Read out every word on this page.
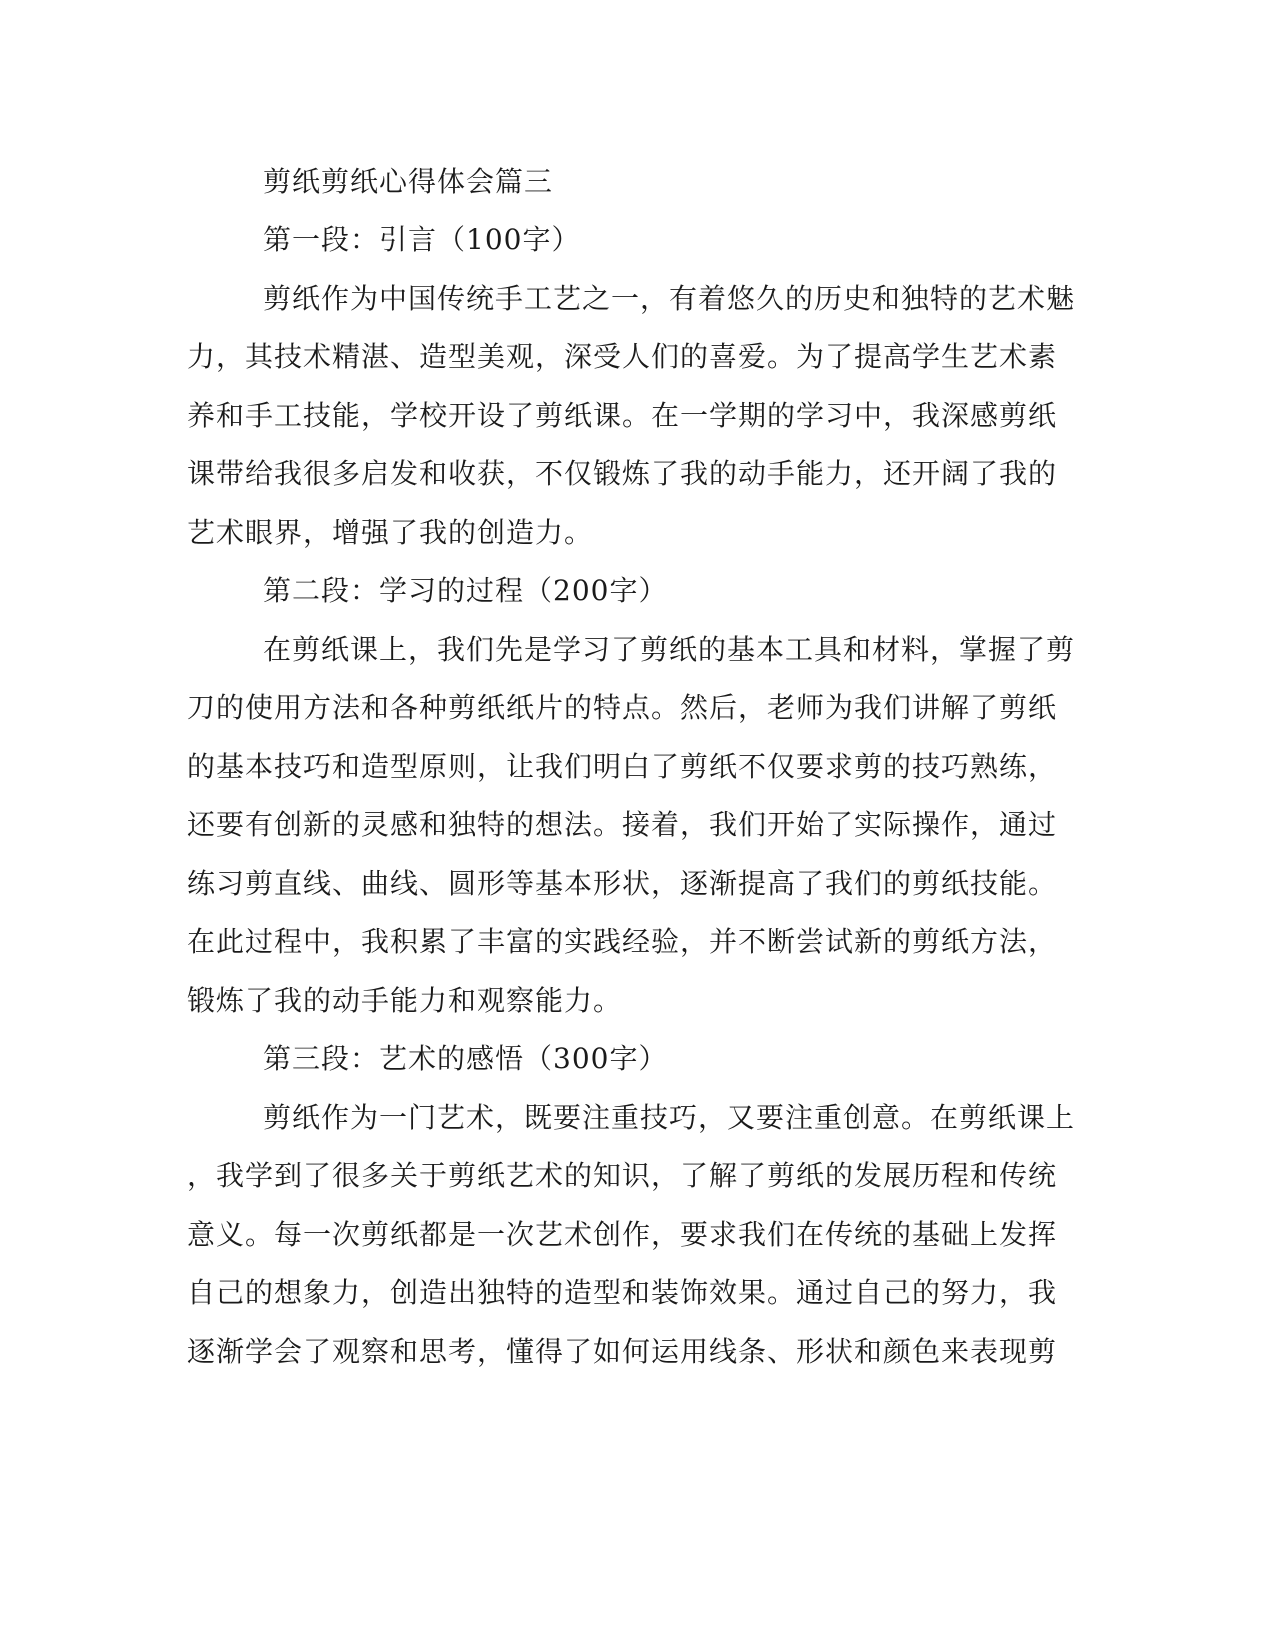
剪纸剪纸心得体会篇三
第一段：引言（100字）
剪纸作为中国传统手工艺之一，有着悠久的历史和独特的艺术魅
力，其技术精湛、造型美观，深受人们的喜爱。为了提高学生艺术素
养和手工技能，学校开设了剪纸课。在一学期的学习中，我深感剪纸
课带给我很多启发和收获，不仅锻炼了我的动手能力，还开阔了我的
艺术眼界，增强了我的创造力。
第二段：学习的过程（200字）
在剪纸课上，我们先是学习了剪纸的基本工具和材料，掌握了剪
刀的使用方法和各种剪纸纸片的特点。然后，老师为我们讲解了剪纸
的基本技巧和造型原则，让我们明白了剪纸不仅要求剪的技巧熟练，
还要有创新的灵感和独特的想法。接着，我们开始了实际操作，通过
练习剪直线、曲线、圆形等基本形状，逐渐提高了我们的剪纸技能。
在此过程中，我积累了丰富的实践经验，并不断尝试新的剪纸方法，
锻炼了我的动手能力和观察能力。
第三段：艺术的感悟（300字）
剪纸作为一门艺术，既要注重技巧，又要注重创意。在剪纸课上
，我学到了很多关于剪纸艺术的知识，了解了剪纸的发展历程和传统
意义。每一次剪纸都是一次艺术创作，要求我们在传统的基础上发挥
自己的想象力，创造出独特的造型和装饰效果。通过自己的努力，我
逐渐学会了观察和思考，懂得了如何运用线条、形状和颜色来表现剪
